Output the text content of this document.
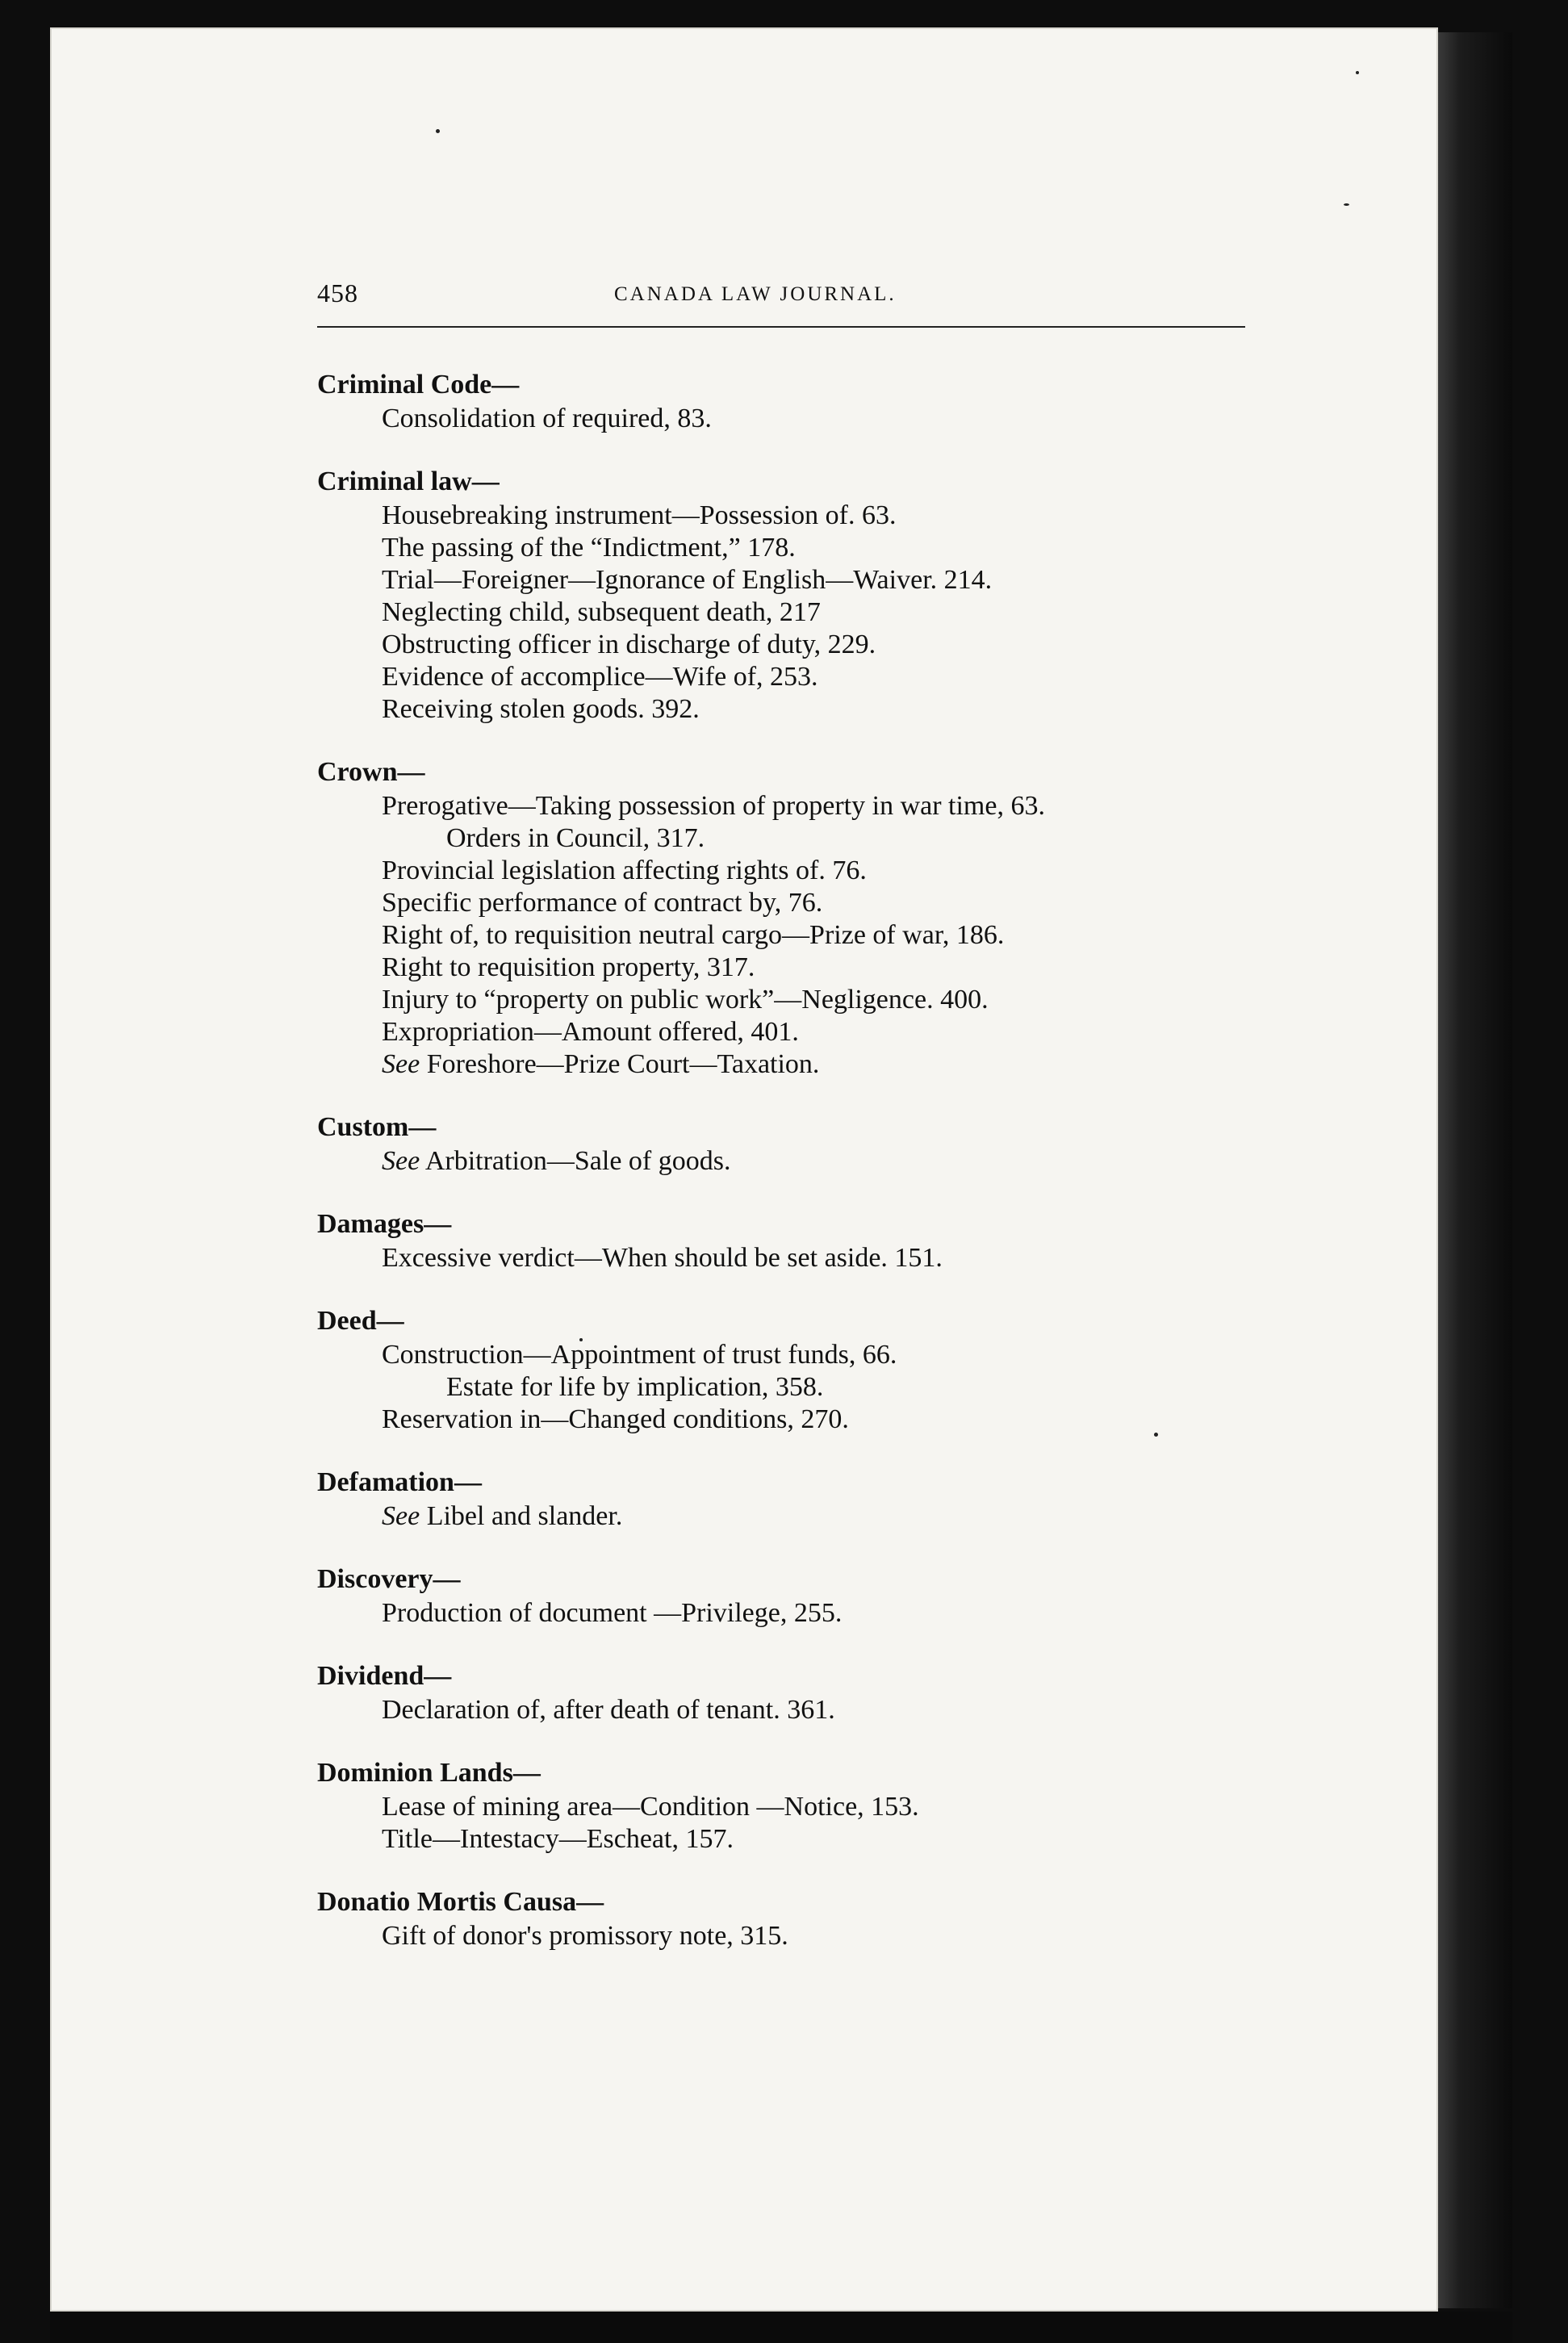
458	CANADA LAW JOURNAL.
Criminal Code—
Consolidation of required, 83.
Criminal law—
Housebreaking instrument—Possession of. 63.
The passing of the “Indictment,” 178.
Trial—Foreigner—Ignorance of English—Waiver. 214.
Neglecting child, subsequent death, 217
Obstructing officer in discharge of duty, 229.
Evidence of accomplice—Wife of, 253.
Receiving stolen goods. 392.
Crown—
Prerogative—Taking possession of property in war time, 63.
Orders in Council, 317.
Provincial legislation affecting rights of. 76.
Specific performance of contract by, 76.
Right of, to requisition neutral cargo—Prize of war, 186.
Right to requisition property, 317.
Injury to “property on public work”—Negligence. 400.
Expropriation—Amount offered, 401.
See Foreshore—Prize Court—Taxation.
Custom—
See Arbitration—Sale of goods.
Damages—
Excessive verdict—When should be set aside. 151.
Deed—
Construction—Appointment of trust funds, 66.
Estate for life by implication, 358.
Reservation in—Changed conditions, 270.
Defamation—
See Libel and slander.
Discovery—
Production of document —Privilege, 255.
Dividend—
Declaration of, after death of tenant. 361.
Dominion Lands—
Lease of mining area—Condition —Notice, 153.
Title—Intestacy—Escheat, 157.
Donatio Mortis Causa—
Gift of donor's promissory note, 315.
